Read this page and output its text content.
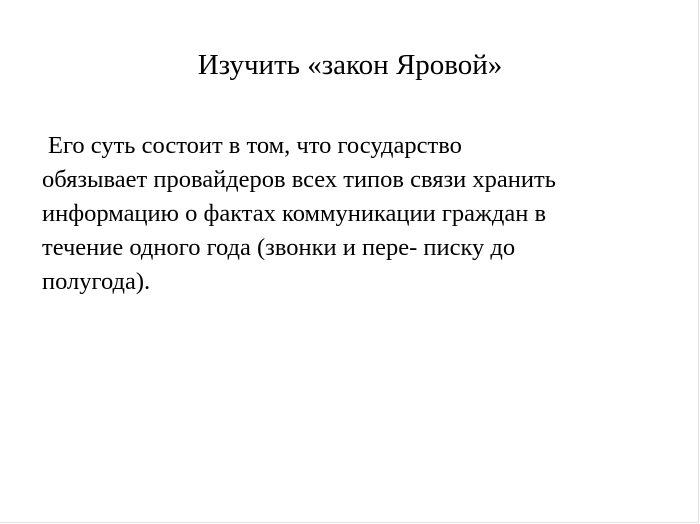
Изучить «закон Яровой»

Его суть состоит в том, что государство
обязывает провайдеров всех типов связи хранить
информацию о фактах коммуникации граждан в
течение одного года (звонки и пере- писку до
полугода).
